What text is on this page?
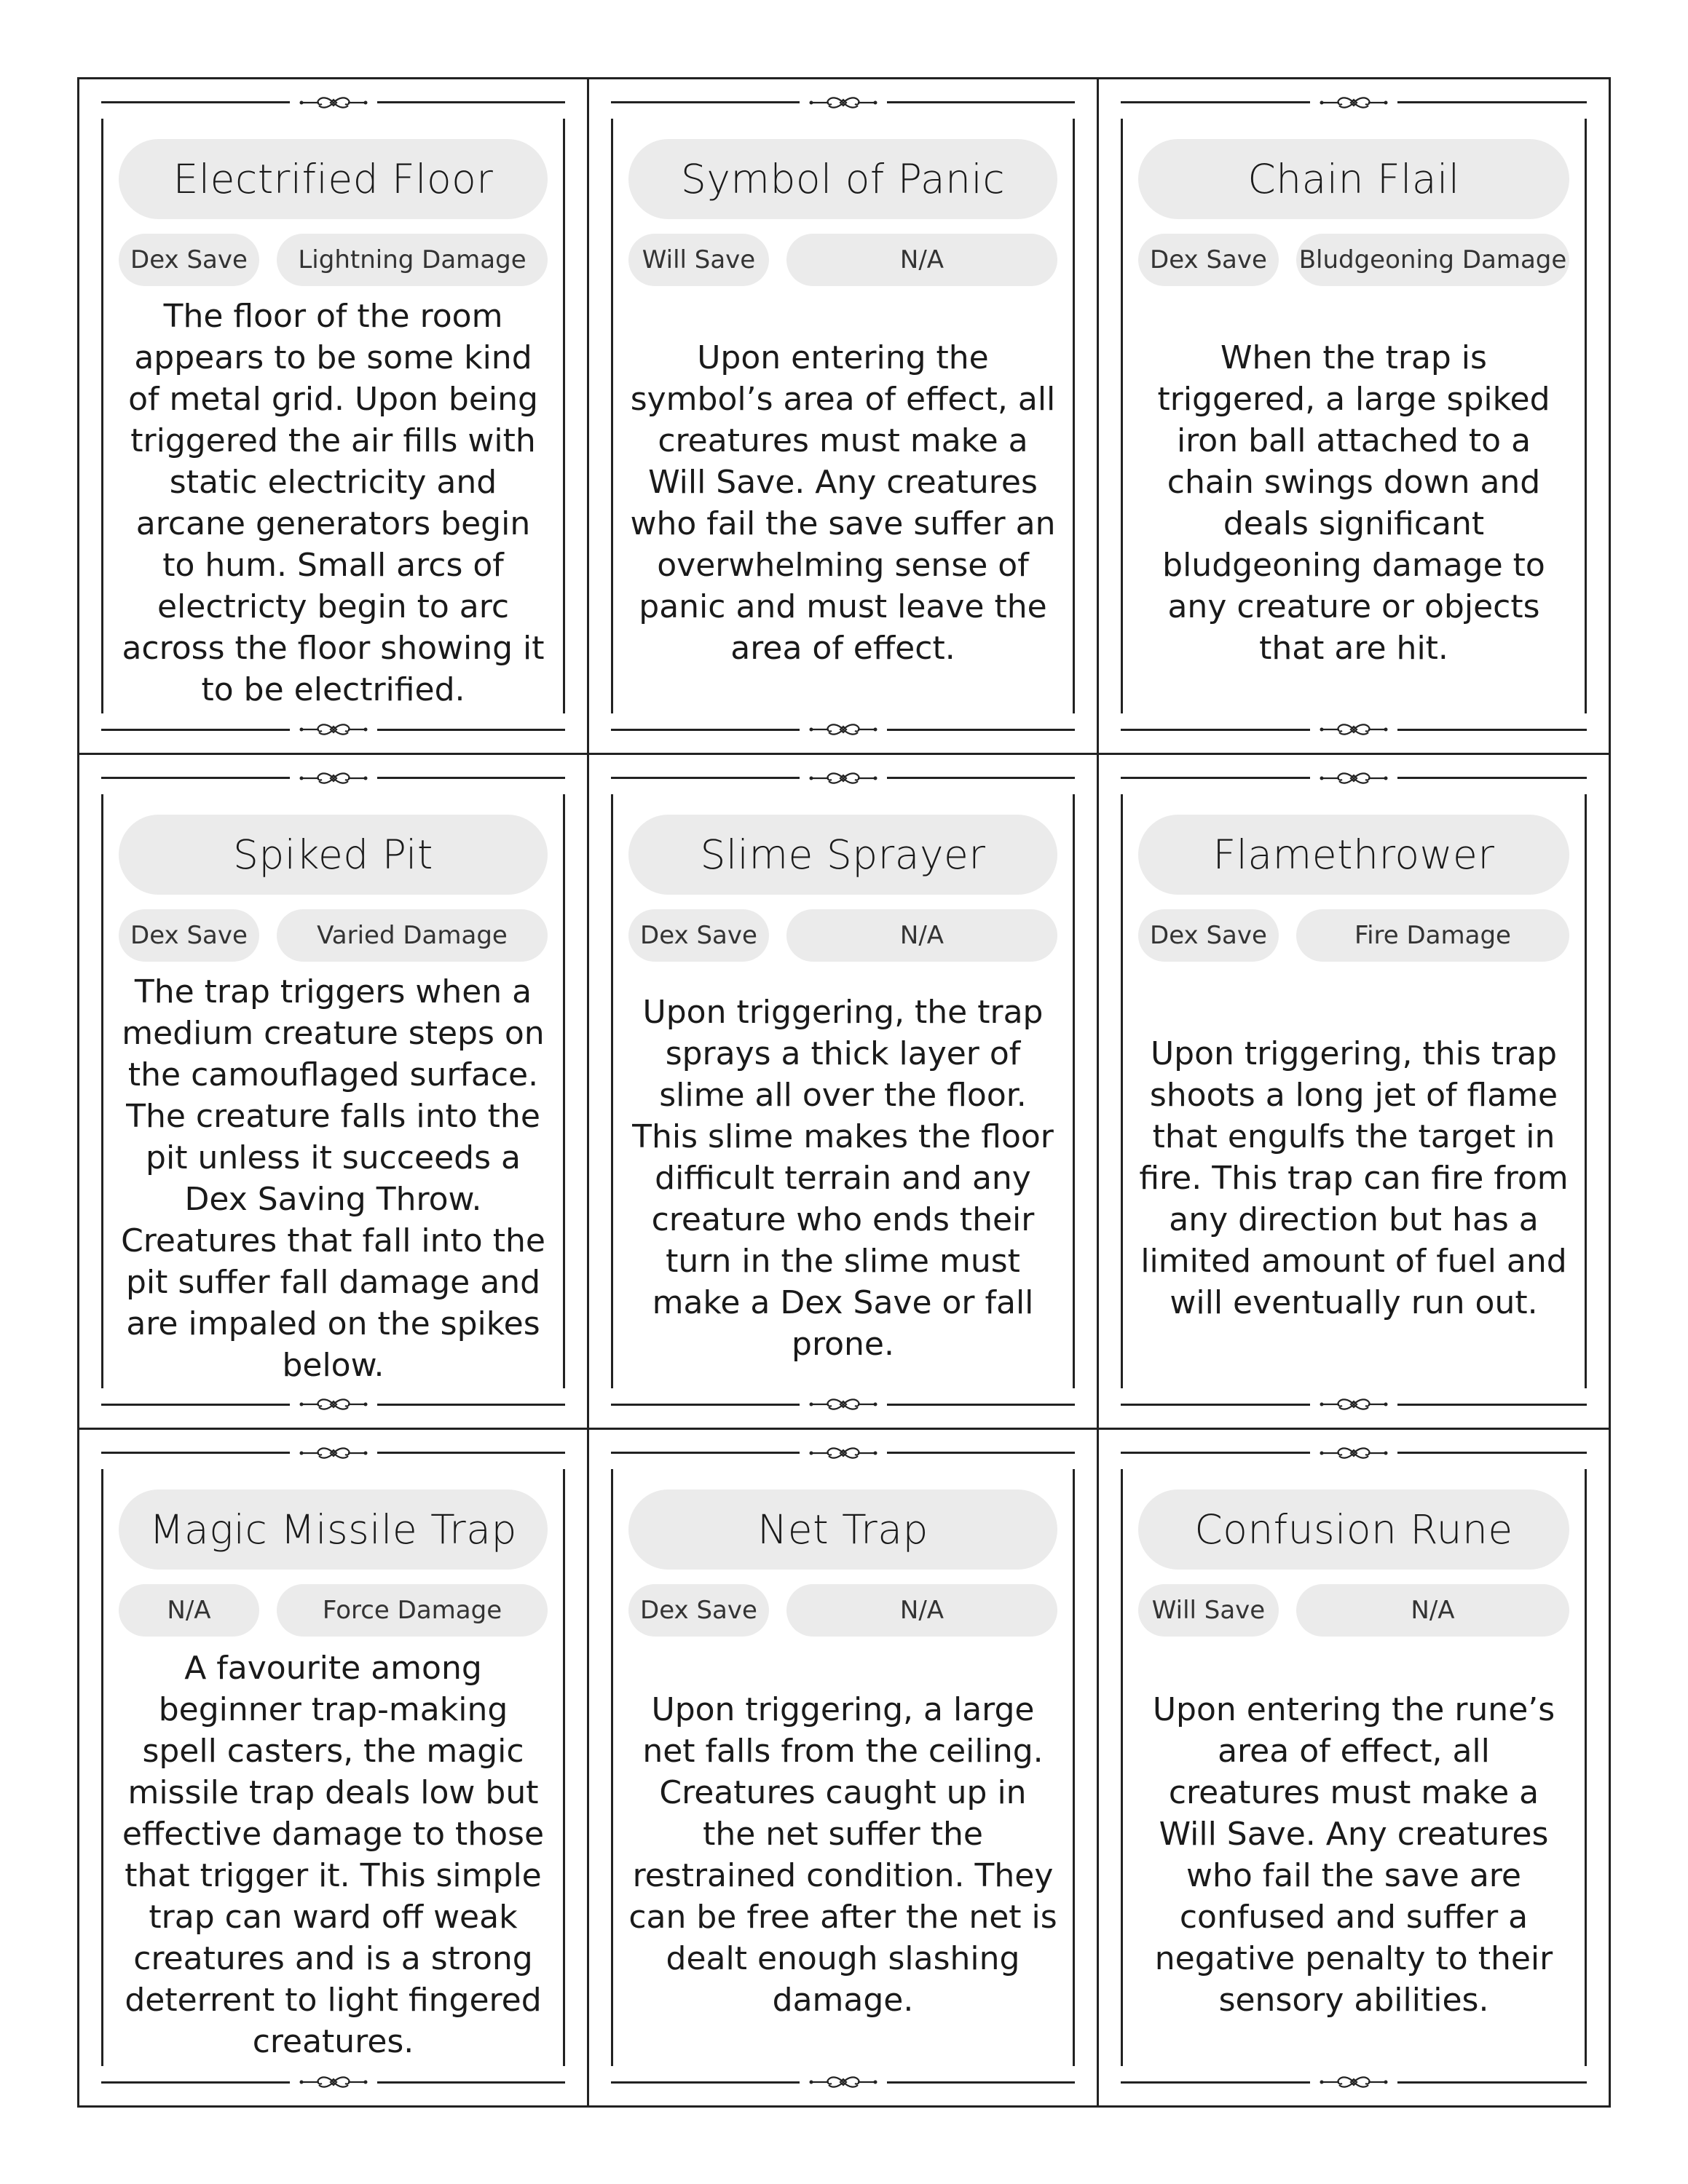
Electrified Floor
Dex Save	Lightning Damage
The floor of the room appears to be some kind of metal grid. Upon being triggered the air fills with static electricity and arcane generators begin to hum. Small arcs of electricty begin to arc across the floor showing it to be electrified.
Symbol of Panic
Will Save	N/A
Upon entering the symbol’s area of effect, all creatures must make a Will Save. Any creatures who fail the save suffer an overwhelming sense of panic and must leave the area of effect.
Chain Flail
Dex Save	Bludgeoning Damage
When the trap is triggered, a large spiked iron ball attached to a chain swings down and deals significant bludgeoning damage to any creature or objects that are hit.
Spiked Pit
Dex Save	Varied Damage
The trap triggers when a medium creature steps on the camouflaged surface. The creature falls into the pit unless it succeeds a Dex Saving Throw. Creatures that fall into the pit suffer fall damage and are impaled on the spikes below.
Slime Sprayer
Dex Save	N/A
Upon triggering, the trap sprays a thick layer of slime all over the floor. This slime makes the floor difficult terrain and any creature who ends their turn in the slime must make a Dex Save or fall prone.
Flamethrower
Dex Save	Fire Damage
Upon triggering, this trap shoots a long jet of flame that engulfs the target in fire. This trap can fire from any direction but has a limited amount of fuel and will eventually run out.
Magic Missile Trap
N/A	Force Damage
A favourite among beginner trap-making spell casters, the magic missile trap deals low but effective damage to those that trigger it. This simple trap can ward off weak creatures and is a strong deterrent to light fingered creatures.
Net Trap
Dex Save	N/A
Upon triggering, a large net falls from the ceiling. Creatures caught up in the net suffer the restrained condition. They can be free after the net is dealt enough slashing damage.
Confusion Rune
Will Save	N/A
Upon entering the rune’s area of effect, all creatures must make a Will Save. Any creatures who fail the save are confused and suffer a negative penalty to their sensory abilities.
